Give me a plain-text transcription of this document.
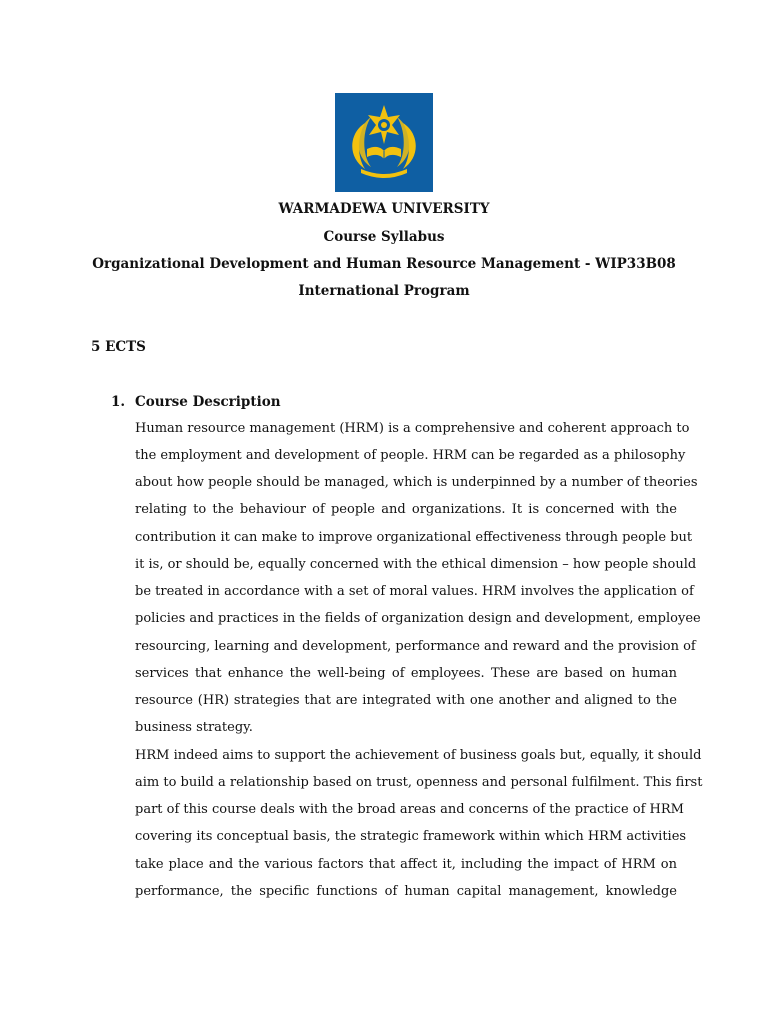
WARMADEWA UNIVERSITY
Course Syllabus
Organizational Development and Human Resource Management - WIP33B08
International Program
5 ECTS
1. Course Description
Human resource management (HRM) is a comprehensive and coherent approach to
the employment and development of people. HRM can be regarded as a philosophy
about how people should be managed, which is underpinned by a number of theories
relating to the behaviour of people and organizations. It is concerned with the
contribution it can make to improve organizational effectiveness through people but
it is, or should be, equally concerned with the ethical dimension – how people should
be treated in accordance with a set of moral values. HRM involves the application of
policies and practices in the fields of organization design and development, employee
resourcing, learning and development, performance and reward and the provision of
services that enhance the well-being of employees. These are based on human
resource (HR) strategies that are integrated with one another and aligned to the
business strategy.
HRM indeed aims to support the achievement of business goals but, equally, it should
aim to build a relationship based on trust, openness and personal fulfilment. This first
part of this course deals with the broad areas and concerns of the practice of HRM
covering its conceptual basis, the strategic framework within which HRM activities
take place and the various factors that affect it, including the impact of HRM on
performance, the specific functions of human capital management, knowledge
